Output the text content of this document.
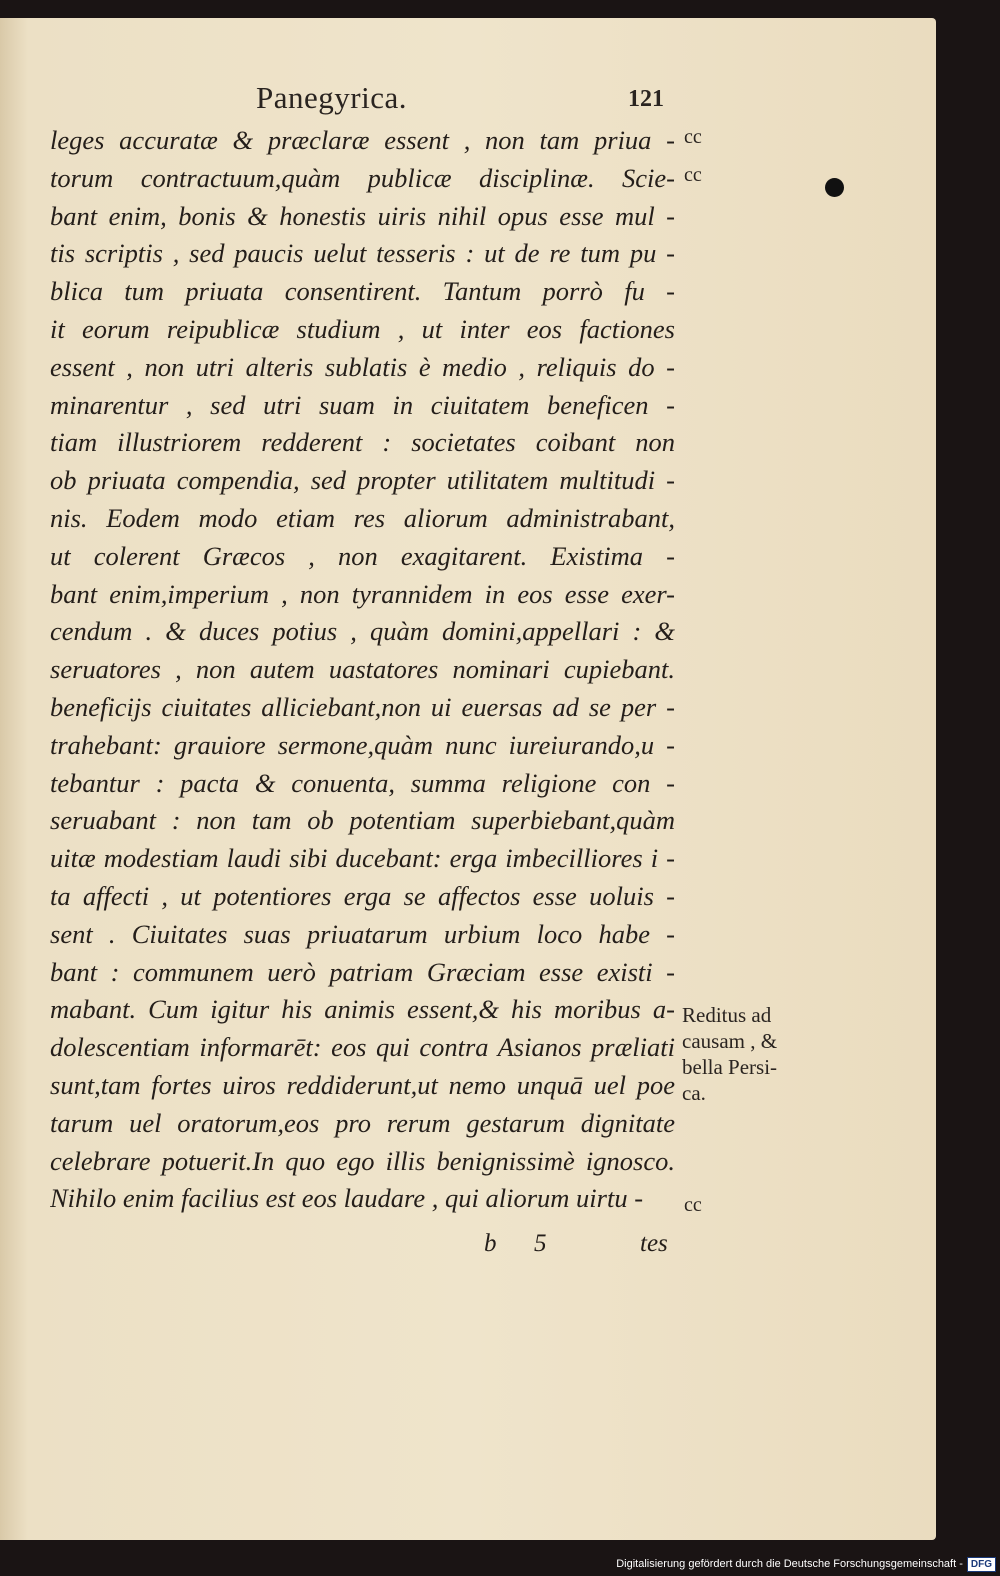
Panegyrica.	121
leges accuratæ & præclaræ essent , non tam priua -
torum contractuum,quàm publicæ disciplinæ. Scie-
bant enim, bonis & honestis uiris nihil opus esse mul -
tis scriptis , sed paucis uelut tesseris : ut de re tum pu -
blica tum priuata consentirent. Tantum porrò fu -
it eorum reipublicæ studium , ut inter eos factiones
essent , non utri alteris sublatis è medio , reliquis do -
minarentur , sed utri suam in ciuitatem beneficen -
tiam illustriorem redderent : societates coibant non
ob priuata compendia, sed propter utilitatem multitudi -
nis. Eodem modo etiam res aliorum administrabant,
ut colerent Græcos , non exagitarent. Existima -
bant enim,imperium , non tyrannidem in eos esse exer-
cendum . & duces potius , quàm domini,appellari : &
seruatores , non autem uastatores nominari cupiebant.
beneficijs ciuitates alliciebant,non ui euersas ad se per -
trahebant: grauiore sermone,quàm nunc iureiurando,u -
tebantur : pacta & conuenta, summa religione con -
seruabant : non tam ob potentiam superbiebant,quàm
uitæ modestiam laudi sibi ducebant: erga imbecilliores i -
ta affecti , ut potentiores erga se affectos esse uoluis -
sent . Ciuitates suas priuatarum urbium loco habe -
bant : communem uerò patriam Græciam esse existi -
mabant. Cum igitur his animis essent,& his moribus a-
dolescentiam informarēt: eos qui contra Asianos præliati
sunt,tam fortes uiros reddiderunt,ut nemo unquā uel poe
tarum uel oratorum,eos pro rerum gestarum dignitate
celebrare potuerit.In quo ego illis benignissimè ignosco.
Nihilo enim facilius est eos laudare , qui aliorum uirtu -
cc
cc
cc
Reditus ad
causam , &
bella Persi-
ca.
b 5	tes
Digitalisierung gefördert durch die Deutsche Forschungsgemeinschaft - DFG
